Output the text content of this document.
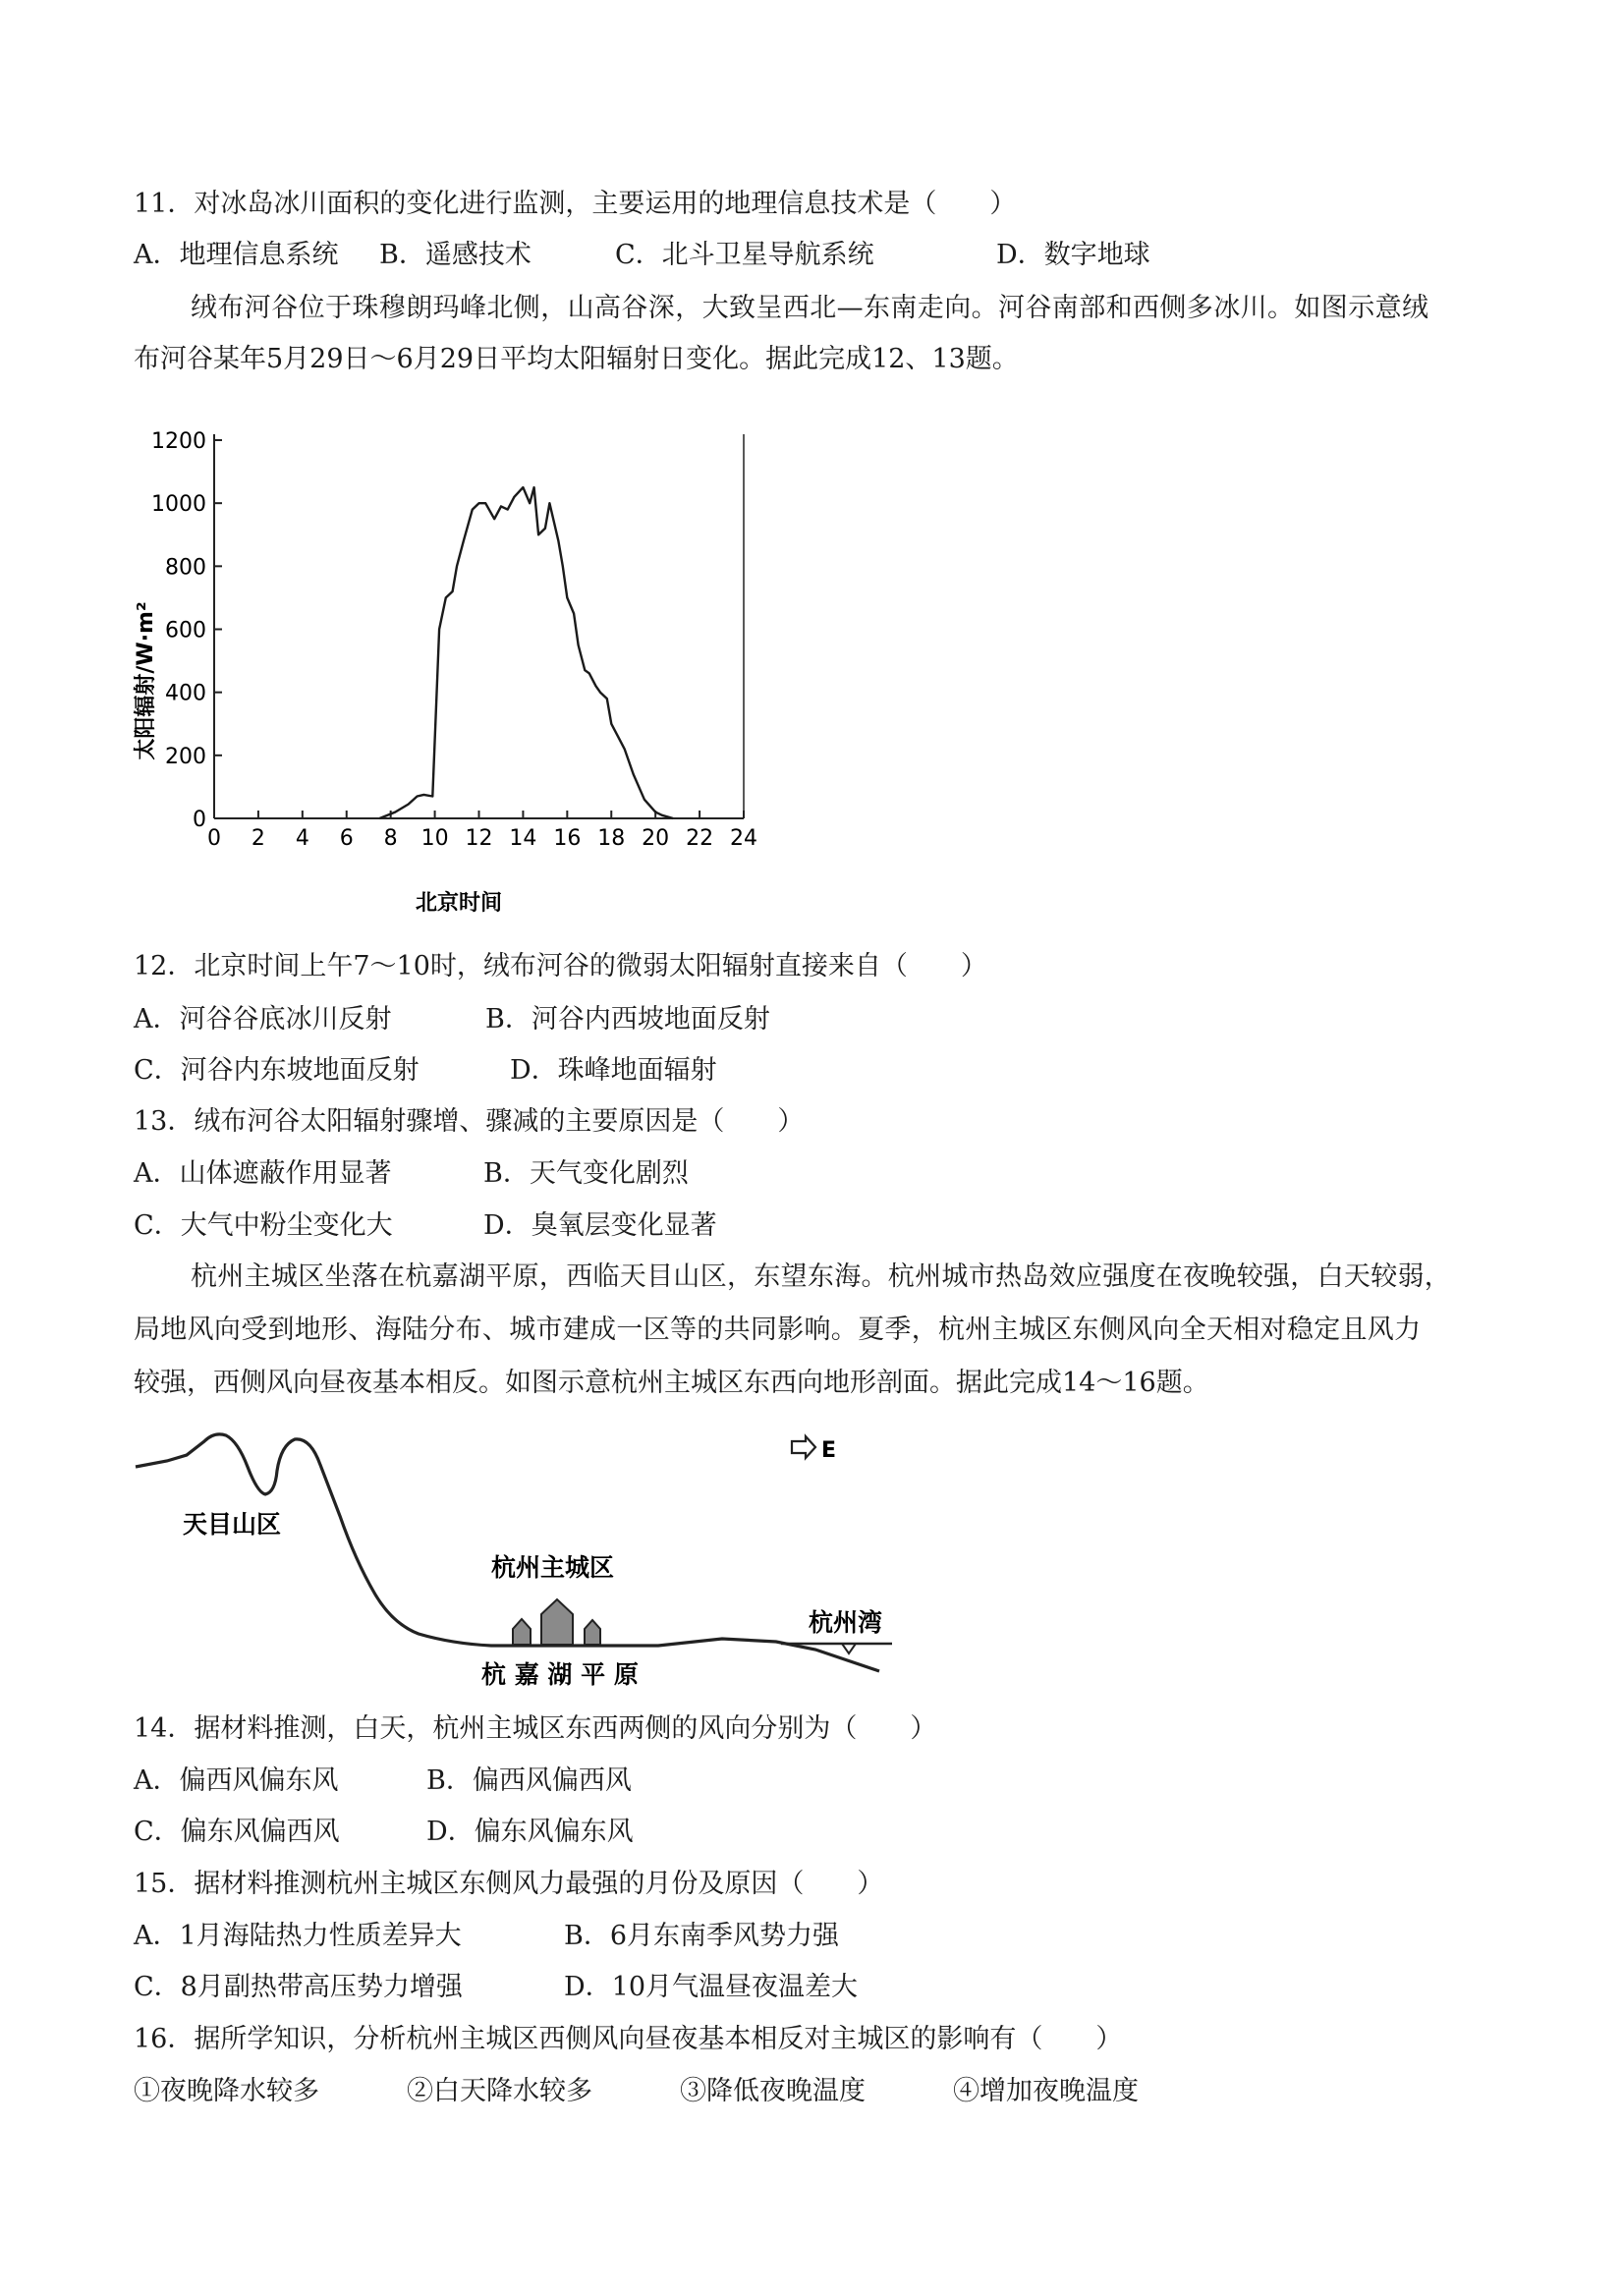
11．对冰岛冰川面积的变化进行监测，主要运用的地理信息技术是（　　）
A．地理信息系统	B．遥感技术	C．北斗卫星导航系统	D．数字地球
绒布河谷位于珠穆朗玛峰北侧，山高谷深，大致呈西北—东南走向。河谷南部和西侧多冰川。如图示意绒
布河谷某年5月29日～6月29日平均太阳辐射日变化。据此完成12、13题。
0
200
400
600
800
1000
1200
0 2 4 6 8 10 12 14 16 18 20 22 24
北京时间
太阳辐射/W·m²
12．北京时间上午7～10时，绒布河谷的微弱太阳辐射直接来自（　　）
A．河谷谷底冰川反射	B．河谷内西坡地面反射
C．河谷内东坡地面反射	D．珠峰地面辐射
13．绒布河谷太阳辐射骤增、骤减的主要原因是（　　）
A．山体遮蔽作用显著	B．天气变化剧烈
C．大气中粉尘变化大	D．臭氧层变化显著
杭州主城区坐落在杭嘉湖平原，西临天目山区，东望东海。杭州城市热岛效应强度在夜晚较强，白天较弱，
局地风向受到地形、海陆分布、城市建成一区等的共同影响。夏季，杭州主城区东侧风向全天相对稳定且风力
较强，西侧风向昼夜基本相反。如图示意杭州主城区东西向地形剖面。据此完成14～16题。
E
天目山区
杭州主城区
杭 嘉 湖 平 原
杭州湾
14．据材料推测，白天，杭州主城区东西两侧的风向分别为（　　）
A．偏西风偏东风	B．偏西风偏西风
C．偏东风偏西风	D．偏东风偏东风
15．据材料推测杭州主城区东侧风力最强的月份及原因（　　）
A．1月海陆热力性质差异大	B．6月东南季风势力强
C．8月副热带高压势力增强	D．10月气温昼夜温差大
16．据所学知识，分析杭州主城区西侧风向昼夜基本相反对主城区的影响有（　　）
①夜晚降水较多	②白天降水较多	③降低夜晚温度	④增加夜晚温度
